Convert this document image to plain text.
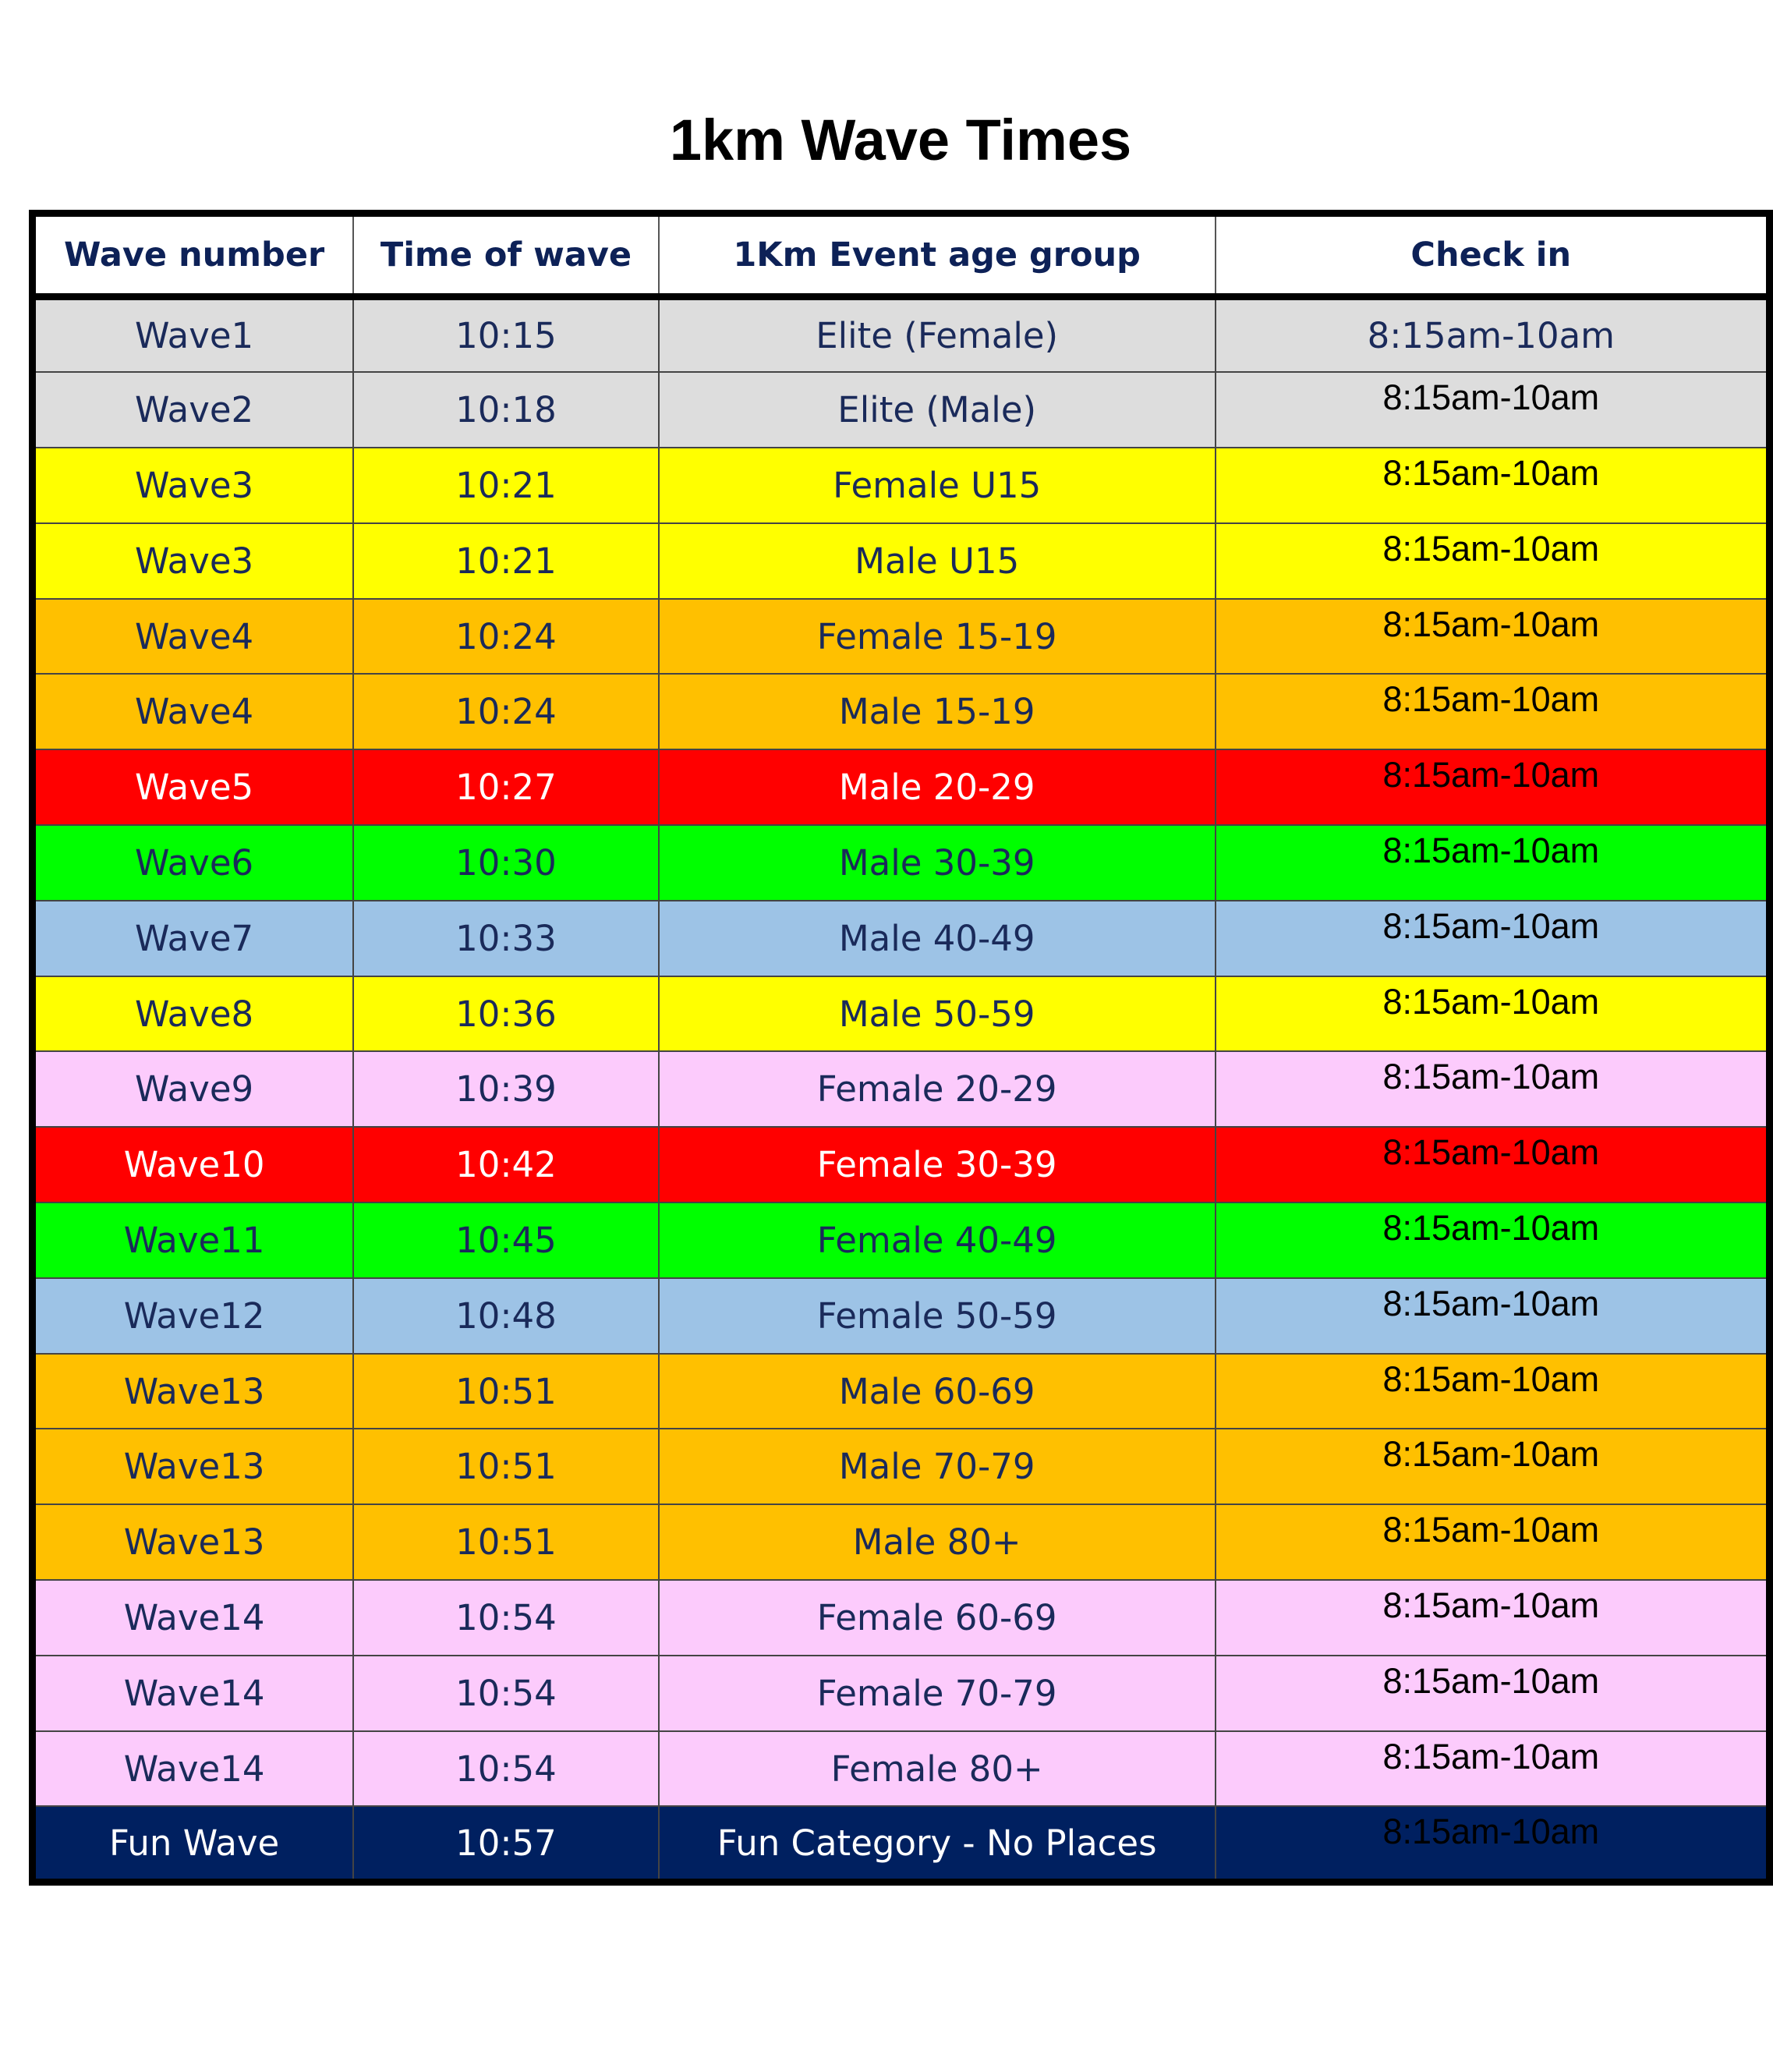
1km Wave Times
Wave number	Time of wave	1Km Event age group	Check in
Wave1	10:15	Elite (Female)	8:15am-10am
Wave2	10:18	Elite (Male)	8:15am-10am
Wave3	10:21	Female U15	8:15am-10am
Wave3	10:21	Male U15	8:15am-10am
Wave4	10:24	Female 15-19	8:15am-10am
Wave4	10:24	Male 15-19	8:15am-10am
Wave5	10:27	Male 20-29	8:15am-10am
Wave6	10:30	Male 30-39	8:15am-10am
Wave7	10:33	Male 40-49	8:15am-10am
Wave8	10:36	Male 50-59	8:15am-10am
Wave9	10:39	Female 20-29	8:15am-10am
Wave10	10:42	Female 30-39	8:15am-10am
Wave11	10:45	Female 40-49	8:15am-10am
Wave12	10:48	Female 50-59	8:15am-10am
Wave13	10:51	Male 60-69	8:15am-10am
Wave13	10:51	Male 70-79	8:15am-10am
Wave13	10:51	Male 80+	8:15am-10am
Wave14	10:54	Female 60-69	8:15am-10am
Wave14	10:54	Female 70-79	8:15am-10am
Wave14	10:54	Female 80+	8:15am-10am
Fun Wave	10:57	Fun Category - No Places	8:15am-10am
